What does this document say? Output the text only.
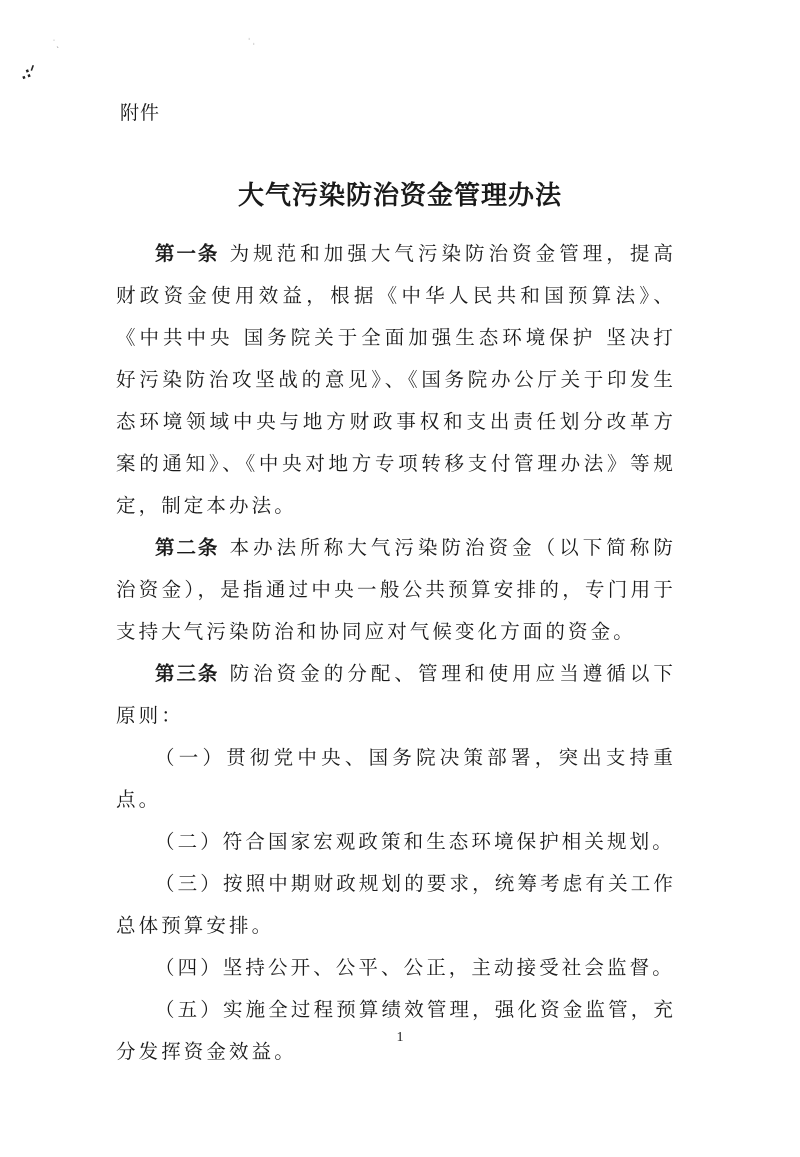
.:ᐟ
˙ˎ	ˈ ˌ
附件
大气污染防治资金管理办法

第一条 为规范和加强大气污染防治资金管理，提高财政资金使用效益，根据《中华人民共和国预算法》、《中共中央 国务院关于全面加强生态环境保护 坚决打好污染防治攻坚战的意见》、《国务院办公厅关于印发生态环境领域中央与地方财政事权和支出责任划分改革方案的通知》、《中央对地方专项转移支付管理办法》等规定，制定本办法。

第二条 本办法所称大气污染防治资金（以下简称防治资金），是指通过中央一般公共预算安排的，专门用于支持大气污染防治和协同应对气候变化方面的资金。

第三条 防治资金的分配、管理和使用应当遵循以下原则：

（一）贯彻党中央、国务院决策部署，突出支持重点。

（二）符合国家宏观政策和生态环境保护相关规划。

（三）按照中期财政规划的要求，统筹考虑有关工作总体预算安排。

（四）坚持公开、公平、公正，主动接受社会监督。

（五）实施全过程预算绩效管理，强化资金监管，充分发挥资金效益。

1
